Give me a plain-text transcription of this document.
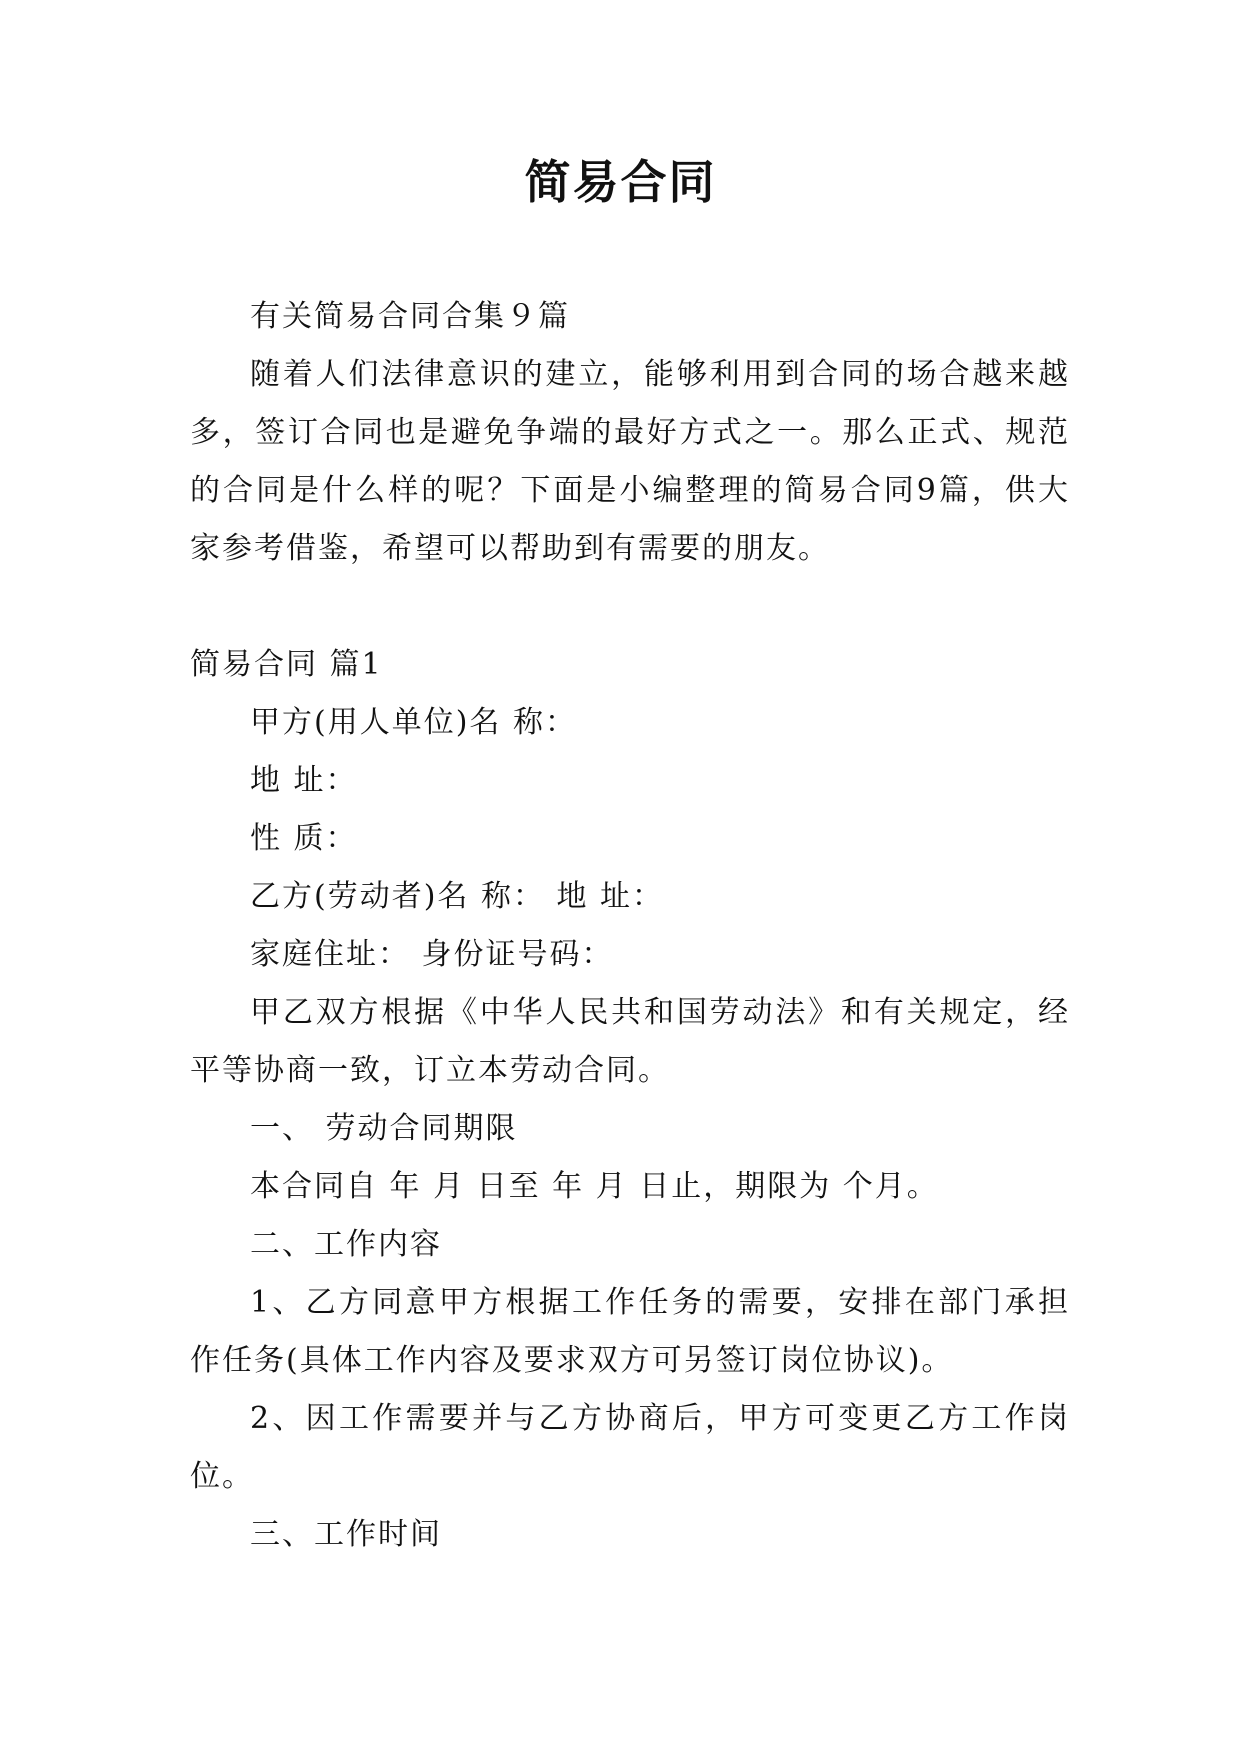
简易合同

有关简易合同合集９篇

随着人们法律意识的建立，能够利用到合同的场合越来越多，签订合同也是避免争端的最好方式之一。那么正式、规范的合同是什么样的呢？下面是小编整理的简易合同9篇，供大家参考借鉴，希望可以帮助到有需要的朋友。

简易合同 篇1

甲方(用人单位)名 称：

地 址：

性 质：

乙方(劳动者)名 称： 地 址：

家庭住址： 身份证号码：

甲乙双方根据《中华人民共和国劳动法》和有关规定，经平等协商一致，订立本劳动合同。

一、 劳动合同期限

本合同自 年 月 日至 年 月 日止，期限为 个月。

二、工作内容

1、乙方同意甲方根据工作任务的需要，安排在部门承担作任务(具体工作内容及要求双方可另签订岗位协议)。

2、因工作需要并与乙方协商后，甲方可变更乙方工作岗位。

三、工作时间
